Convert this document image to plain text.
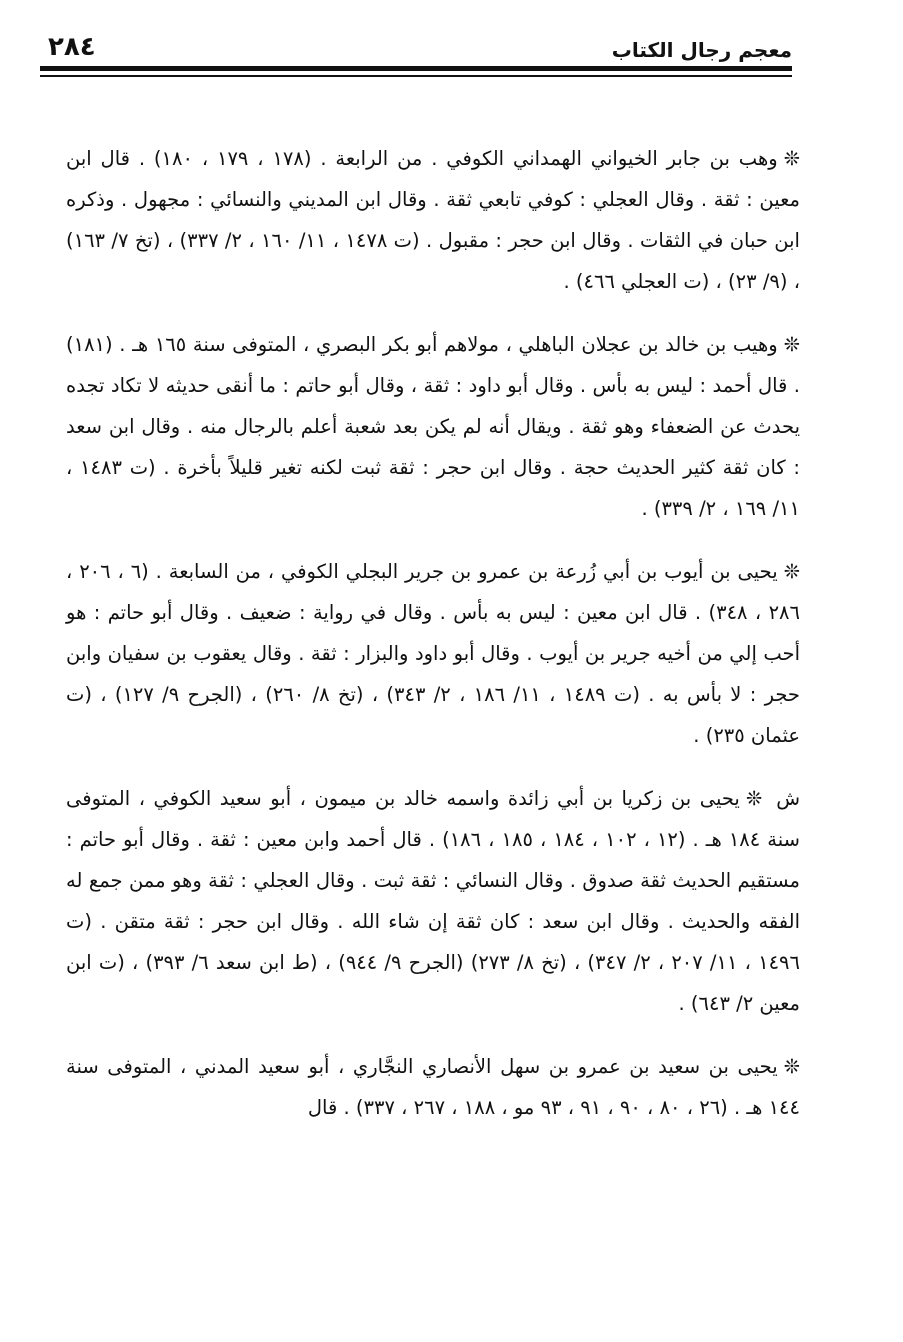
٢٨٤	معجم رجال الكتاب

❊وهب بن جابر الخيواني الهمداني الكوفي . من الرابعة . (١٧٨ ، ١٧٩ ، ١٨٠) . قال ابن معين : ثقة . وقال العجلي : كوفي تابعي ثقة . وقال ابن المديني والنسائي : مجهول . وذكره ابن حبان في الثقات . وقال ابن حجر : مقبول . (ت ١٤٧٨ ، ١١/ ١٦٠ ، ٢/ ٣٣٧) ، (تخ ٧/ ١٦٣) ، (٩/ ٢٣) ، (ت العجلي ٤٦٦) .

❊وهيب بن خالد بن عجلان الباهلي ، مولاهم أبو بكر البصري ، المتوفى سنة ١٦٥ هـ . (١٨١) . قال أحمد : ليس به بأس . وقال أبو داود : ثقة ، وقال أبو حاتم : ما أنقى حديثه لا تكاد تجده يحدث عن الضعفاء وهو ثقة . ويقال أنه لم يكن بعد شعبة أعلم بالرجال منه . وقال ابن سعد : كان ثقة كثير الحديث حجة . وقال ابن حجر : ثقة ثبت لكنه تغير قليلاً بأخرة . (ت ١٤٨٣ ، ١١/ ١٦٩ ، ٢/ ٣٣٩) .

❊يحيى بن أيوب بن أبي زُرعة بن عمرو بن جرير البجلي الكوفي ، من السابعة . (٦ ، ٢٠٦ ، ٢٨٦ ، ٣٤٨) . قال ابن معين : ليس به بأس . وقال في رواية : ضعيف . وقال أبو حاتم : هو أحب إلي من أخيه جرير بن أيوب . وقال أبو داود والبزار : ثقة . وقال يعقوب بن سفيان وابن حجر : لا بأس به . (ت ١٤٨٩ ، ١١/ ١٨٦ ، ٢/ ٣٤٣) ، (تخ ٨/ ٢٦٠) ، (الجرح ٩/ ١٢٧) ، (ت عثمان ٢٣٥) .

ش❊يحيى بن زكريا بن أبي زائدة واسمه خالد بن ميمون ، أبو سعيد الكوفي ، المتوفى سنة ١٨٤ هـ . (١٢ ، ١٠٢ ، ١٨٤ ، ١٨٥ ، ١٨٦) . قال أحمد وابن معين : ثقة . وقال أبو حاتم : مستقيم الحديث ثقة صدوق . وقال النسائي : ثقة ثبت . وقال العجلي : ثقة وهو ممن جمع له الفقه والحديث . وقال ابن سعد : كان ثقة إن شاء الله . وقال ابن حجر : ثقة متقن . (ت ١٤٩٦ ، ١١/ ٢٠٧ ، ٢/ ٣٤٧) ، (تخ ٨/ ٢٧٣) (الجرح ٩/ ٩٤٤) ، (ط ابن سعد ٦/ ٣٩٣) ، (ت ابن معين ٢/ ٦٤٣) .

❊يحيى بن سعيد بن عمرو بن سهل الأنصاري النجَّاري ، أبو سعيد المدني ، المتوفى سنة ١٤٤ هـ . (٢٦ ، ٨٠ ، ٩٠ ، ٩١ ، ٩٣ مو ، ١٨٨ ، ٢٦٧ ، ٣٣٧) . قال
